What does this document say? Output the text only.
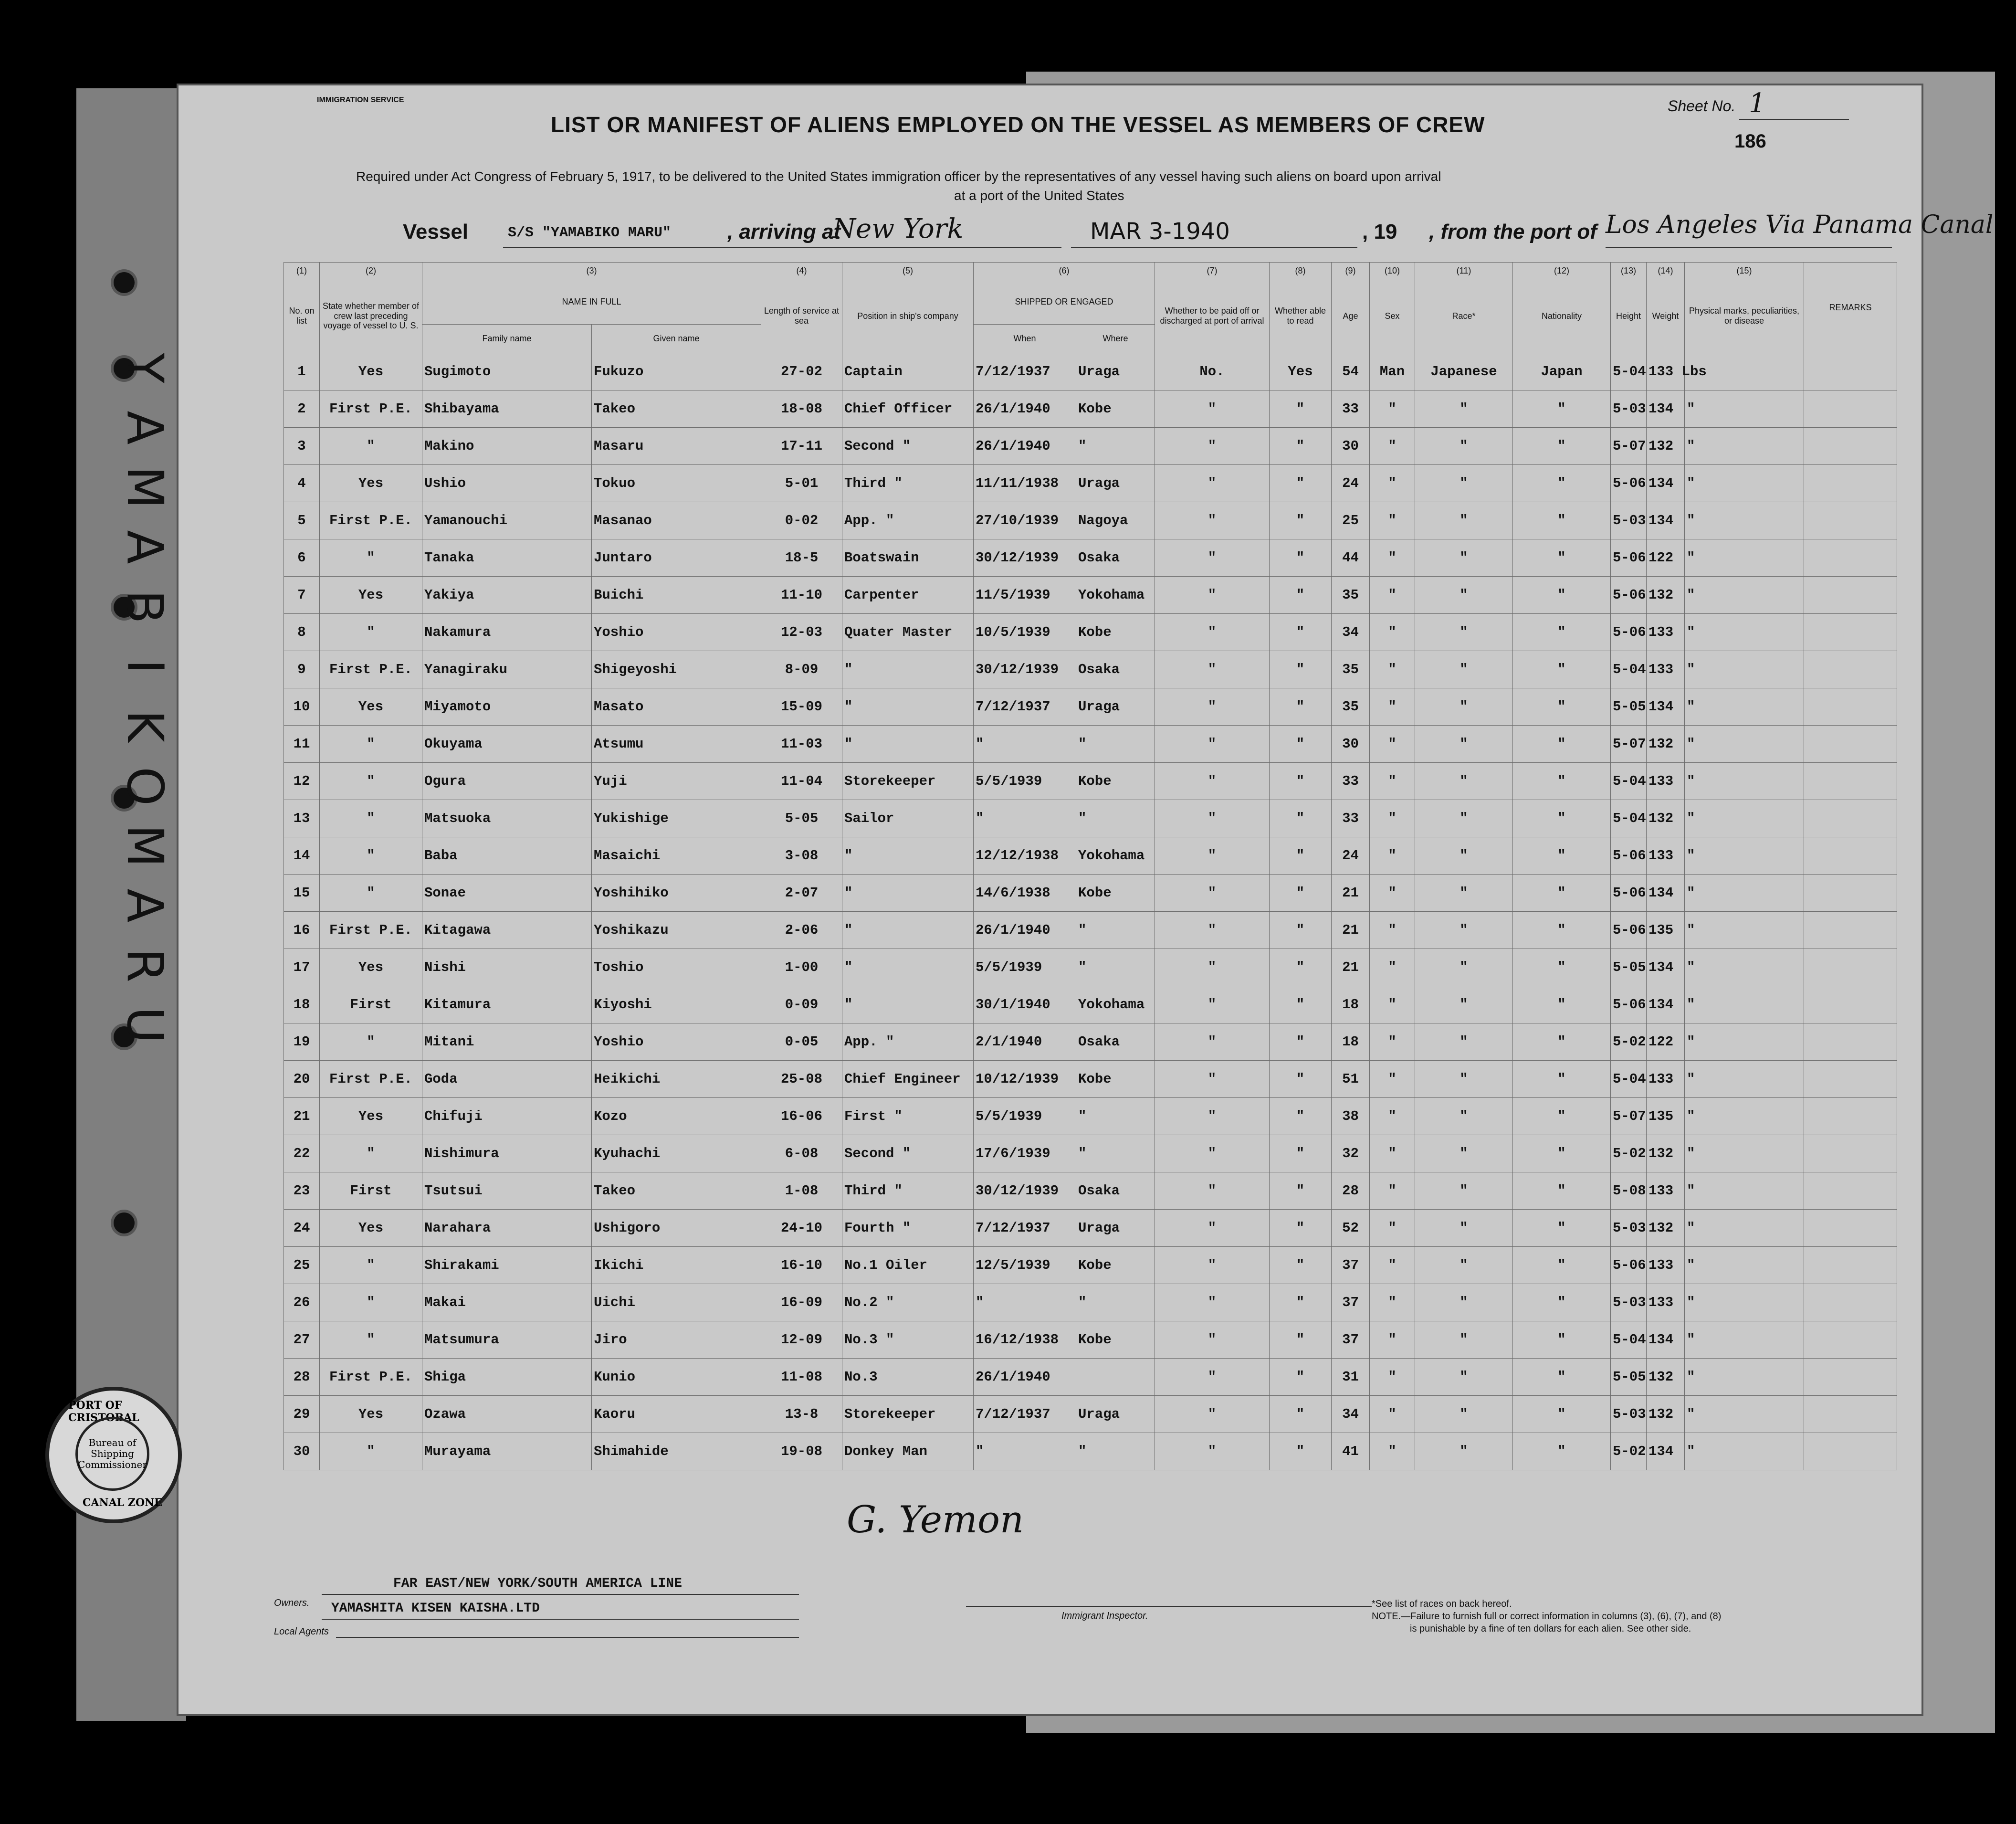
IMMIGRATION SERVICE
LIST OR MANIFEST OF ALIENS EMPLOYED ON THE VESSEL AS MEMBERS OF CREW
Sheet No. 1
186
Required under Act Congress of February 5, 1917, to be delivered to the United States immigration officer by the representatives of any vessel having such aliens on board upon arrival
at a port of the United States
Vessel	S/S "YAMABIKO MARU"	, arriving at
New York	MAR 3-1940	, 19 , from the port of Los Angeles Via Panama Canal
Y
A
M
A
B
I
K
O
M
A
R
U
(1)	(2)	(3)		(4)	(5)	(6)		(7)	(8)	(9)	(10)	(11)	(12)	(13)	(14)	(15)	REMARKS
No. on list	State whether member of crew last preceding voyage of vessel to U. S.	NAME IN FULL		Length of service at sea	Position in ship's company	SHIPPED OR ENGAGED		Whether to be paid off or discharged at port of arrival	Whether able to read	Age	Sex	Race*	Nationality	Height	Weight	Physical marks, peculiarities, or disease	
		Family name	Given name			When	Where										
1	Yes	Sugimoto	Fukuzo	27-02	Captain	7/12/1937	Uraga	No.	Yes	54	Man	Japanese	Japan	5-04	133 Lbs		
2	First P.E.	Shibayama	Takeo	18-08	Chief Officer	26/1/1940	Kobe	"	"	33	"	"	"	5-03	134	"	
3	"	Makino	Masaru	17-11	Second "	26/1/1940	"	"	"	30	"	"	"	5-07	132	"	
4	Yes	Ushio	Tokuo	5-01	Third "	11/11/1938	Uraga	"	"	24	"	"	"	5-06	134	"	
5	First P.E.	Yamanouchi	Masanao	0-02	App. "	27/10/1939	Nagoya	"	"	25	"	"	"	5-03	134	"	
6	"	Tanaka	Juntaro	18-5	Boatswain	30/12/1939	Osaka	"	"	44	"	"	"	5-06	122	"	
7	Yes	Yakiya	Buichi	11-10	Carpenter	11/5/1939	Yokohama	"	"	35	"	"	"	5-06	132	"	
8	"	Nakamura	Yoshio	12-03	Quater Master	10/5/1939	Kobe	"	"	34	"	"	"	5-06	133	"	
9	First P.E.	Yanagiraku	Shigeyoshi	8-09	"	30/12/1939	Osaka	"	"	35	"	"	"	5-04	133	"	
10	Yes	Miyamoto	Masato	15-09	"	7/12/1937	Uraga	"	"	35	"	"	"	5-05	134	"	
11	"	Okuyama	Atsumu	11-03	"	"	"	"	"	30	"	"	"	5-07	132	"	
12	"	Ogura	Yuji	11-04	Storekeeper	5/5/1939	Kobe	"	"	33	"	"	"	5-04	133	"	
13	"	Matsuoka	Yukishige	5-05	Sailor	"	"	"	"	33	"	"	"	5-04	132	"	
14	"	Baba	Masaichi	3-08	"	12/12/1938	Yokohama	"	"	24	"	"	"	5-06	133	"	
15	"	Sonae	Yoshihiko	2-07	"	14/6/1938	Kobe	"	"	21	"	"	"	5-06	134	"	
16	First P.E.	Kitagawa	Yoshikazu	2-06	"	26/1/1940	"	"	"	21	"	"	"	5-06	135	"	
17	Yes	Nishi	Toshio	1-00	"	5/5/1939	"	"	"	21	"	"	"	5-05	134	"	
18	First	Kitamura	Kiyoshi	0-09	"	30/1/1940	Yokohama	"	"	18	"	"	"	5-06	134	"	
19	"	Mitani	Yoshio	0-05	App. "	2/1/1940	Osaka	"	"	18	"	"	"	5-02	122	"	
20	First P.E.	Goda	Heikichi	25-08	Chief Engineer	10/12/1939	Kobe	"	"	51	"	"	"	5-04	133	"	
21	Yes	Chifuji	Kozo	16-06	First "	5/5/1939	"	"	"	38	"	"	"	5-07	135	"	
22	"	Nishimura	Kyuhachi	6-08	Second "	17/6/1939	"	"	"	32	"	"	"	5-02	132	"	
23	First	Tsutsui	Takeo	1-08	Third "	30/12/1939	Osaka	"	"	28	"	"	"	5-08	133	"	
24	Yes	Narahara	Ushigoro	24-10	Fourth "	7/12/1937	Uraga	"	"	52	"	"	"	5-03	132	"	
25	"	Shirakami	Ikichi	16-10	No.1 Oiler	12/5/1939	Kobe	"	"	37	"	"	"	5-06	133	"	
26	"	Makai	Uichi	16-09	No.2 "	"	"	"	"	37	"	"	"	5-03	133	"	
27	"	Matsumura	Jiro	12-09	No.3 "	16/12/1938	Kobe	"	"	37	"	"	"	5-04	134	"	
28	First P.E.	Shiga	Kunio	11-08	No.3	26/1/1940		"	"	31	"	"	"	5-05	132	"	
29	Yes	Ozawa	Kaoru	13-8	Storekeeper	7/12/1937	Uraga	"	"	34	"	"	"	5-03	132	"	
30	"	Murayama	Shimahide	19-08	Donkey Man	"	"	"	"	41	"	"	"	5-02	134	"	
G. Yemon
FAR EAST/NEW YORK/SOUTH AMERICA LINE
Owners. YAMASHITA KISEN KAISHA.LTD
Local Agents
Immigrant Inspector.
*See list of races on back hereof.
NOTE.—Failure to furnish full or correct information in columns (3), (6), (7), and (8)
is punishable by a fine of ten dollars for each alien. See other side.
PORT OF CRISTOBAL
Bureau of Shipping Commissioner
CANAL ZONE
